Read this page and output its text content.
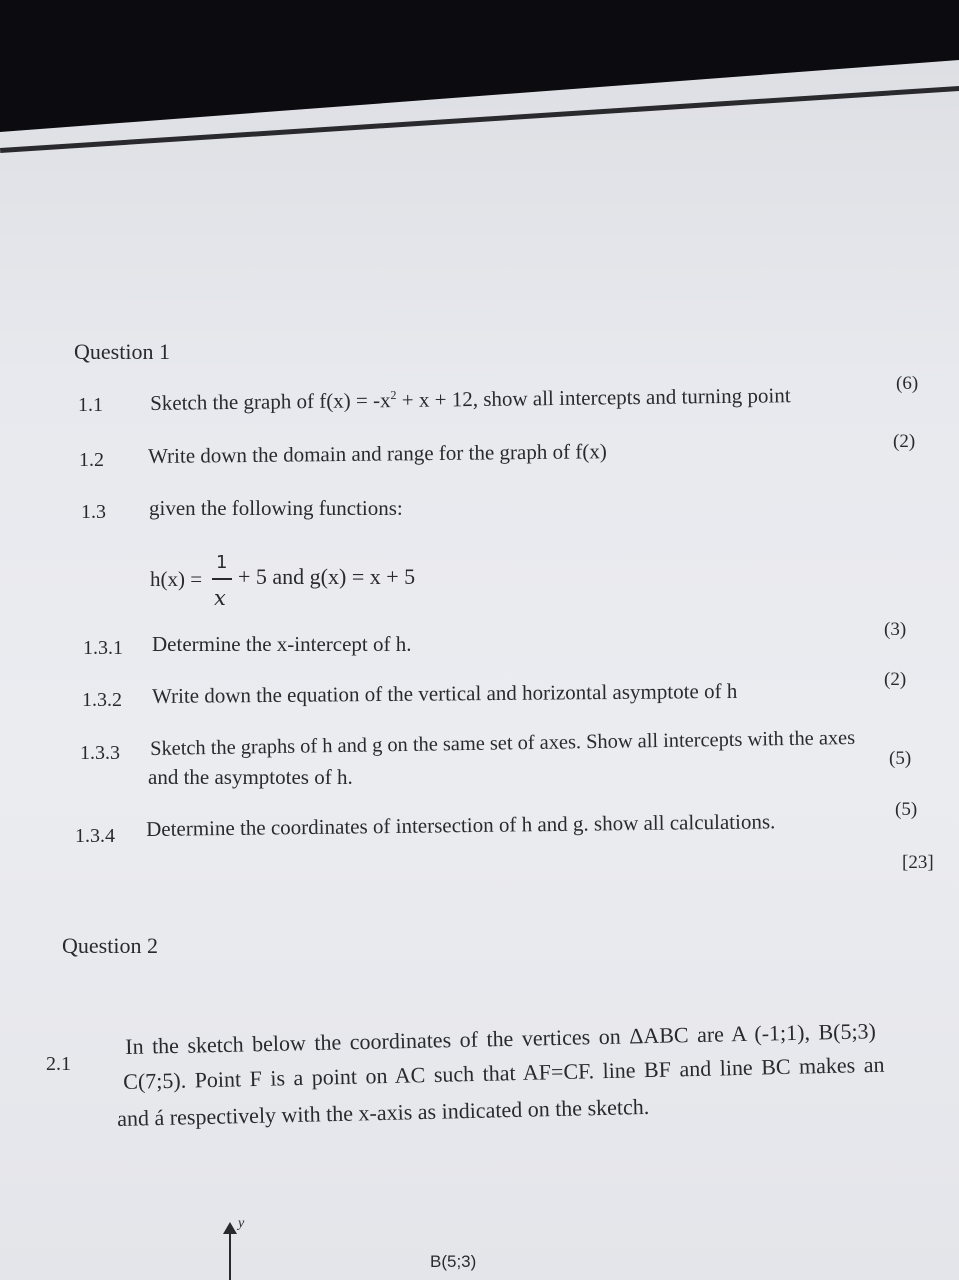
Question 1
1.1 Sketch the graph of $f(x) = -x^2 + x + 12$, show all intercepts and turning point	(6)
1.2 Write down the domain and range for the graph of f(x)	(2)
1.3 given the following functions:
h(x) =
1
x
+ 5 and g(x) = x + 5
1.3.1 Determine the x-intercept of h.
(3)
1.3.2 Write down the equation of the vertical and horizontal asymptote of h	(2)
1.3.3 Sketch the graphs of h and g on the same set of axes. Show all intercepts with the axes
and the asymptotes of h.
(5)
1.3.4 Determine the coordinates of intersection of h and g. show all calculations.	(5)
[23]
Question 2
2.1
In the sketch below the coordinates of the vertices on ΔABC are A (-1;1), B(5;3)
C(7;5). Point F is a point on AC such that AF=CF. line BF and line BC makes an
and á respectively with the x-axis as indicated on the sketch.
y
B(5;3)
